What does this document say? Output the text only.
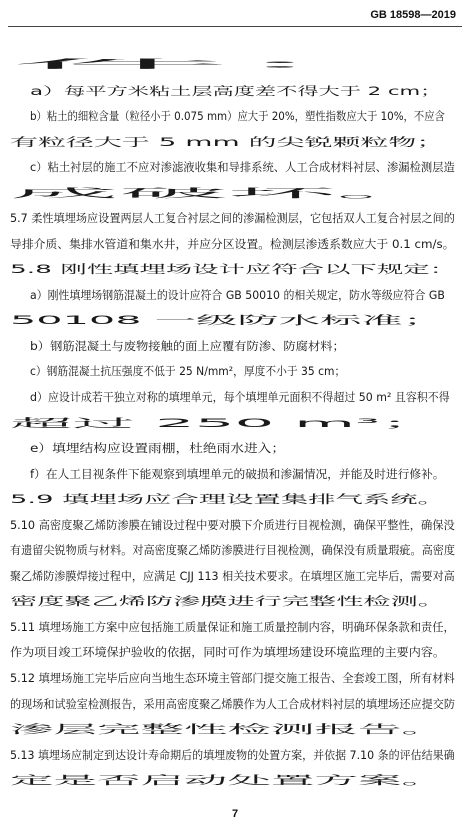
GB 18598—2019
件：
a）每平方米粘土层高度差不得大于 2 cm；
b）粘土的细粒含量（粒径小于 0.075 mm）应大于 20%，塑性指数应大于 10%，不应含
有粒径大于 5 mm 的尖锐颗粒物；
c）粘土衬层的施工不应对渗滤液收集和导排系统、人工合成材料衬层、渗漏检测层造
成破坏。
5.7 柔性填埋场应设置两层人工复合衬层之间的渗漏检测层，它包括双人工复合衬层之间的
导排介质、集排水管道和集水井，并应分区设置。检测层渗透系数应大于 0.1 cm/s。
5.8 刚性填埋场设计应符合以下规定：
a）刚性填埋场钢筋混凝土的设计应符合 GB 50010 的相关规定，防水等级应符合 GB
50108 一级防水标准；
b）钢筋混凝土与废物接触的面上应覆有防渗、防腐材料；
c）钢筋混凝土抗压强度不低于 25 N/mm²，厚度不小于 35 cm；
d）应设计成若干独立对称的填埋单元，每个填埋单元面积不得超过 50 m² 且容积不得
超过 250 m³；
e）填埋结构应设置雨棚，杜绝雨水进入；
f）在人工目视条件下能观察到填埋单元的破损和渗漏情况，并能及时进行修补。
5.9 填埋场应合理设置集排气系统。
5.10 高密度聚乙烯防渗膜在铺设过程中要对膜下介质进行目视检测，确保平整性，确保没
有遗留尖锐物质与材料。对高密度聚乙烯防渗膜进行目视检测，确保没有质量瑕疵。高密度
聚乙烯防渗膜焊接过程中，应满足 CJJ 113 相关技术要求。在填埋区施工完毕后，需要对高
密度聚乙烯防渗膜进行完整性检测。
5.11 填埋场施工方案中应包括施工质量保证和施工质量控制内容，明确环保条款和责任，
作为项目竣工环境保护验收的依据，同时可作为填埋场建设环境监理的主要内容。
5.12 填埋场施工完毕后应向当地生态环境主管部门提交施工报告、全套竣工图，所有材料
的现场和试验室检测报告，采用高密度聚乙烯膜作为人工合成材料衬层的填埋场还应提交防
渗层完整性检测报告。
5.13 填埋场应制定到达设计寿命期后的填埋废物的处置方案，并依据 7.10 条的评估结果确
定是否启动处置方案。
7
